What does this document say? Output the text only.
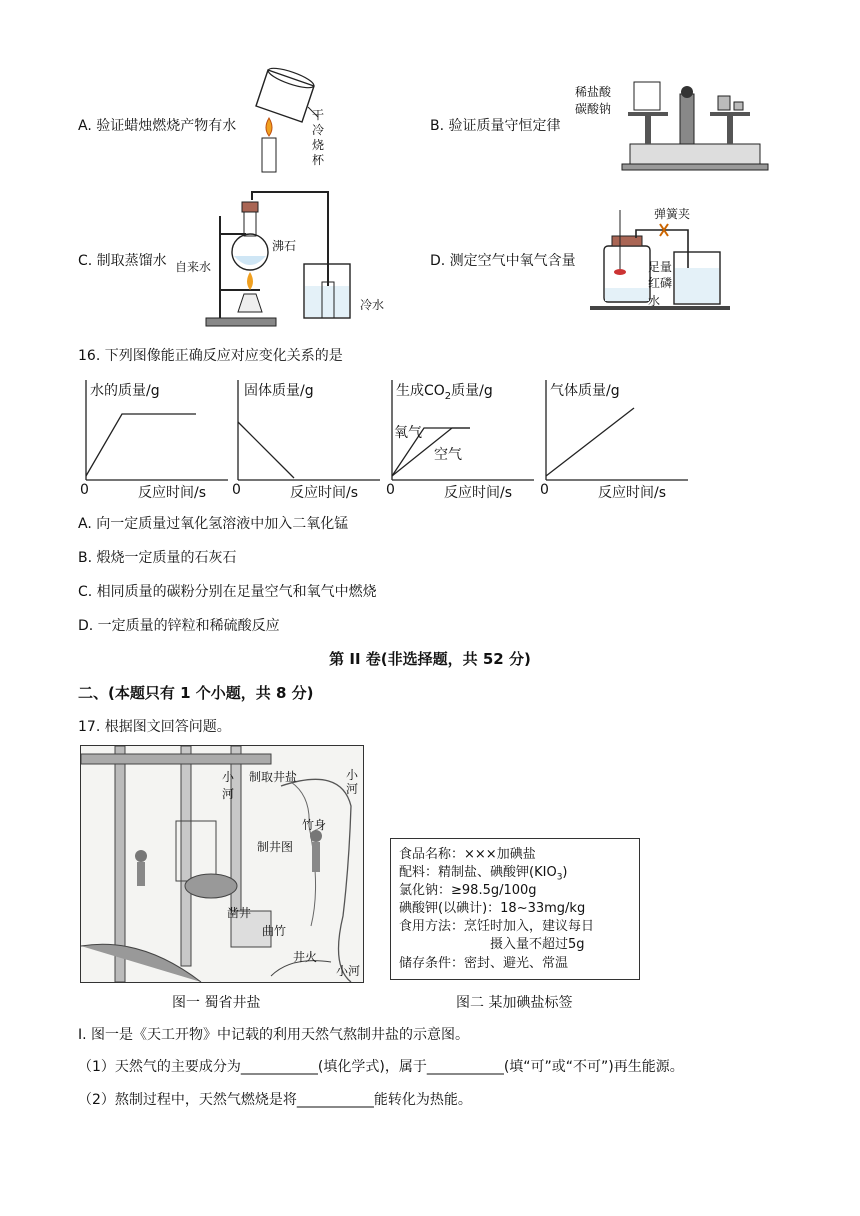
A. 验证蜡烛燃烧产物有水
干冷烧杯
B. 验证质量守恒定律
稀盐酸
碳酸钠
C. 制取蒸馏水
沸石
自来水
冷水
D. 测定空气中氧气含量
弹簧夹
足量
红磷
水
16. 下列图像能正确反应对应变化关系的是
水的质量/g
0	反应时间/s
固体质量/g
0	反应时间/s
生成$CO_2$质量/g
氧气
空气
0	反应时间/s
气体质量/g
0	反应时间/s
A. 向一定质量过氧化氢溶液中加入二氧化锰
B. 煅烧一定质量的石灰石
C. 相同质量的碳粉分别在足量空气和氧气中燃烧
D. 一定质量的锌粒和稀硫酸反应
第 II 卷(非选择题，共 52 分)
二、(本题只有 1 个小题，共 8 分)
17. 根据图文回答问题。
制取井盐
小河
小河
竹身
制井图
凿井
曲竹
井火
小河
图一 蜀省井盐
食品名称：×××加碘盐
配料：精制盐、碘酸钾$(KIO_3)$
氯化钠：≥98.5g/100g
碘酸钾(以碘计)：18~33mg/kg
食用方法：烹饪时加入，建议每日
摄入量不超过5g
储存条件：密封、避光、常温
图二 某加碘盐标签
I. 图一是《天工开物》中记载的利用天然气熬制井盐的示意图。
（1）天然气的主要成分为___________(填化学式)，属于___________(填“可”或“不可”)再生能源。
（2）熬制过程中，天然气燃烧是将___________能转化为热能。
